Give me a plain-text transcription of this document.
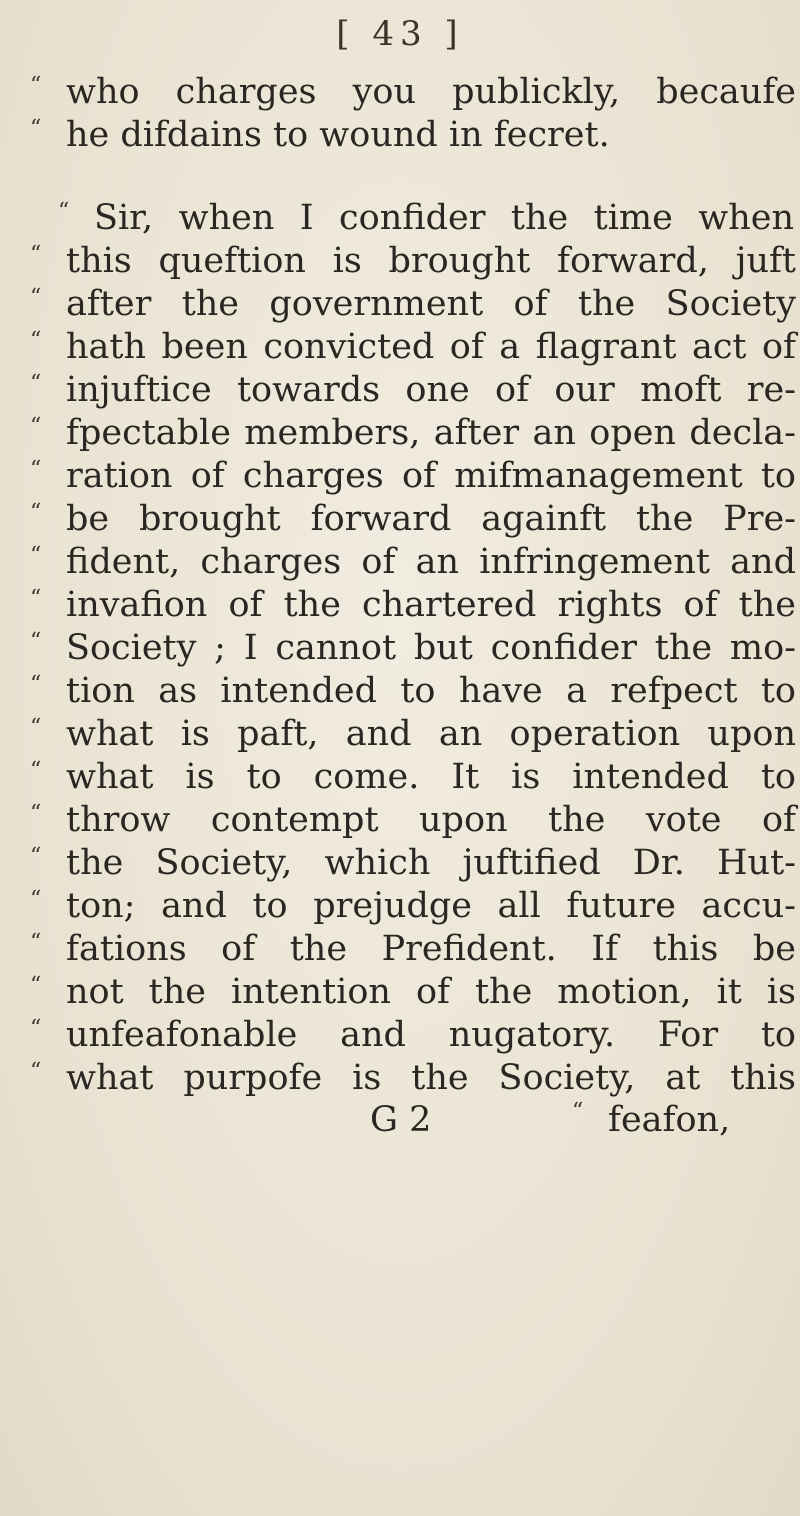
[ 43 ]
“ who charges you publickly, becaufe
“ he difdains to wound in fecret.
“ Sir, when I confider the time when
“ this queftion is brought forward, juft
“ after the government of the Society
“ hath been convicted of a flagrant act of
“ injuftice towards one of our moft re-
“ fpectable members, after an open decla-
“ ration of charges of mifmanagement to
“ be brought forward againft the Pre-
“ fident, charges of an infringement and
“ invafion of the chartered rights of the
“ Society ; I cannot but confider the mo-
“ tion as intended to have a refpect to
“ what is paft, and an operation upon
“ what is to come. It is intended to
“ throw contempt upon the vote of
“ the Society, which juftified Dr. Hut-
“ ton; and to prejudge all future accu-
“ fations of the Prefident. If this be
“ not the intention of the motion, it is
“ unfeafonable and nugatory. For to
“ what purpofe is the Society, at this
G 2	“ feafon,
